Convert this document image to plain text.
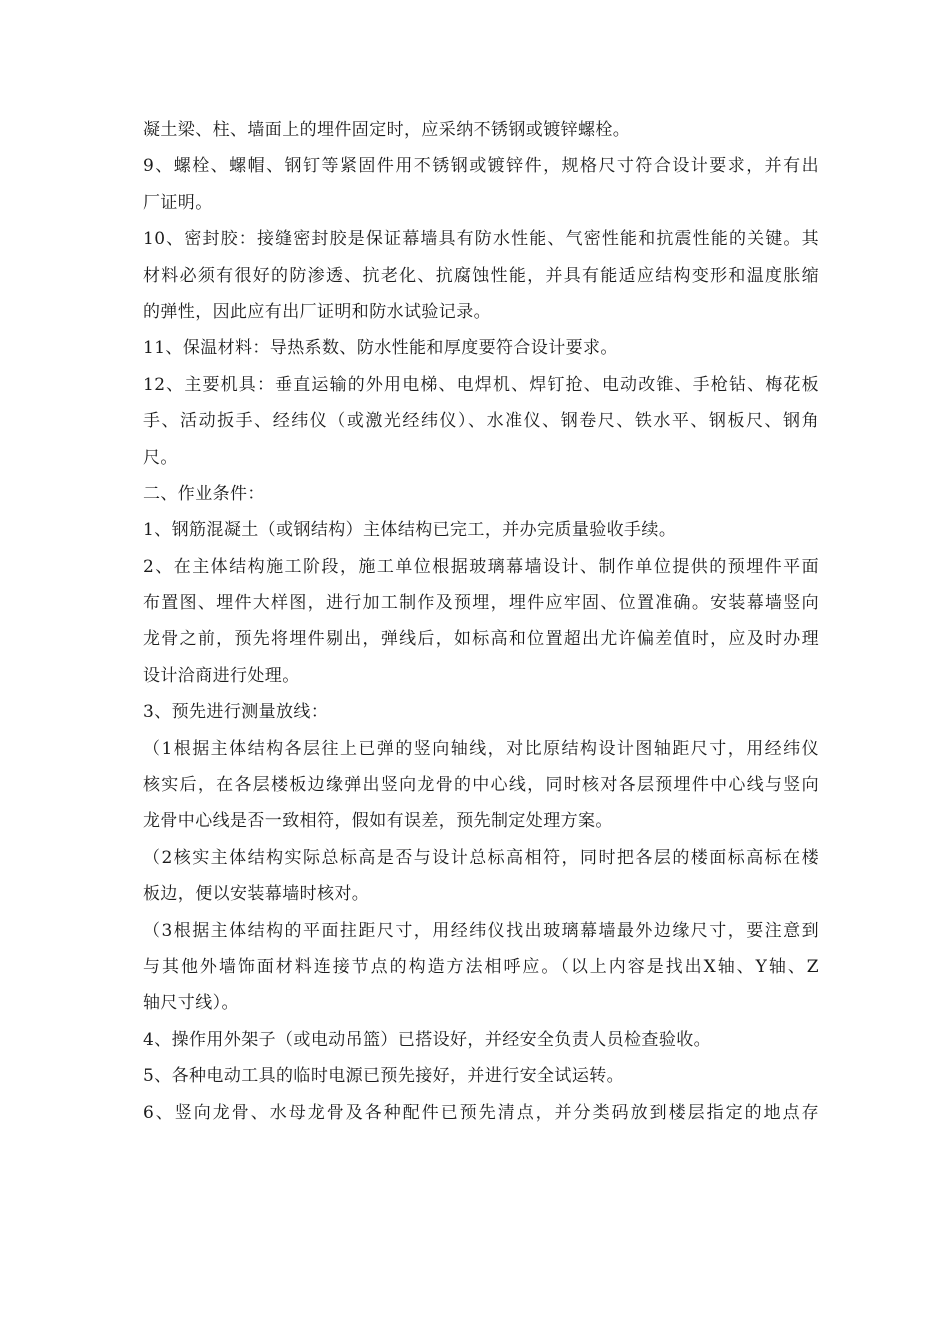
凝土梁、柱、墙面上的埋件固定时，应采纳不锈钢或镀锌螺栓。
9、螺栓、螺帽、钢钉等紧固件用不锈钢或镀锌件，规格尺寸符合设计要求，并有出
厂证明。
10、密封胶：接缝密封胶是保证幕墙具有防水性能、气密性能和抗震性能的关键。其
材料必须有很好的防渗透、抗老化、抗腐蚀性能，并具有能适应结构变形和温度胀缩
的弹性，因此应有出厂证明和防水试验记录。
11、保温材料：导热系数、防水性能和厚度要符合设计要求。
12、主要机具：垂直运输的外用电梯、电焊机、焊钉抢、电动改锥、手枪钻、梅花板
手、活动扳手、经纬仪（或激光经纬仪）、水准仪、钢卷尺、铁水平、钢板尺、钢角
尺。
二、作业条件：
1、钢筋混凝土（或钢结构）主体结构已完工，并办完质量验收手续。
2、在主体结构施工阶段，施工单位根据玻璃幕墙设计、制作单位提供的预埋件平面
布置图、埋件大样图，进行加工制作及预埋，埋件应牢固、位置准确。安装幕墙竖向
龙骨之前，预先将埋件剔出，弹线后，如标高和位置超出尤许偏差值时，应及时办理
设计洽商进行处理。
3、预先进行测量放线：
（1根据主体结构各层往上已弹的竖向轴线，对比原结构设计图轴距尺寸，用经纬仪
核实后，在各层楼板边缘弹出竖向龙骨的中心线，同时核对各层预埋件中心线与竖向
龙骨中心线是否一致相符，假如有误差，预先制定处理方案。
（2核实主体结构实际总标高是否与设计总标高相符，同时把各层的楼面标高标在楼
板边，便以安装幕墙时核对。
（3根据主体结构的平面拄距尺寸，用经纬仪找出玻璃幕墙最外边缘尺寸，要注意到
与其他外墙饰面材料连接节点的构造方法相呼应。（以上内容是找出X轴、Y轴、Z
轴尺寸线）。
4、操作用外架子（或电动吊篮）已搭设好，并经安全负责人员检查验收。
5、各种电动工具的临时电源已预先接好，并进行安全试运转。
6、竖向龙骨、水母龙骨及各种配件已预先清点，并分类码放到楼层指定的地点存
